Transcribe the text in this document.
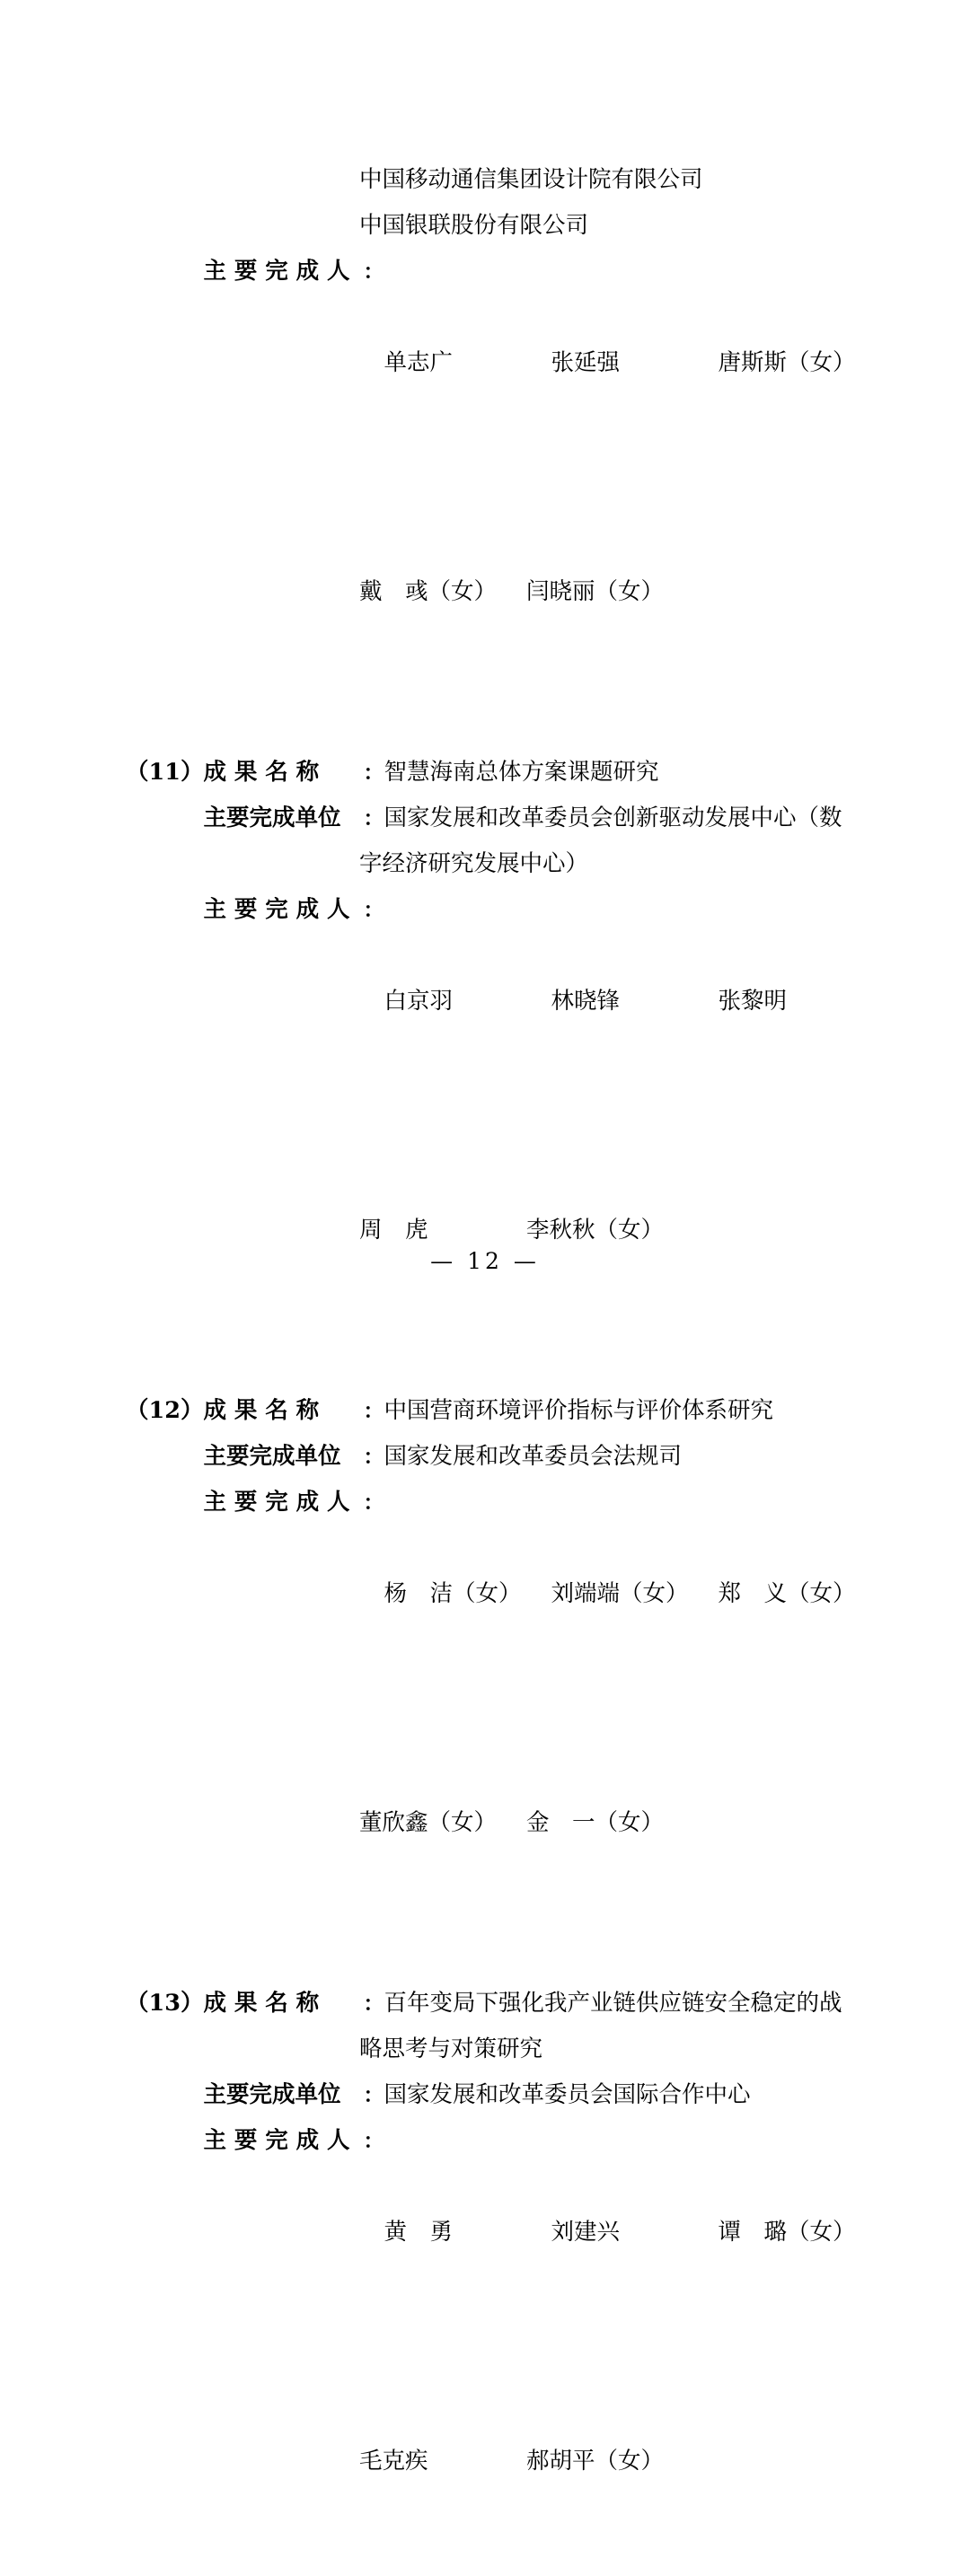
中国移动通信集团设计院有限公司
中国银联股份有限公司
主 要 完 成 人 ：

单志广	张延强	唐斯斯（女）

戴　彧（女）	闫晓丽（女）

（11） 成 果 名 称	： 智慧海南总体方案课题研究
主要完成单位	： 国家发展和改革委员会创新驱动发展中心（数
字经济研究发展中心）
主 要 完 成 人 ：

白京羽	林晓锋	张黎明

周　虎	李秋秋（女）

（12） 成 果 名 称	： 中国营商环境评价指标与评价体系研究
主要完成单位	： 国家发展和改革委员会法规司
主 要 完 成 人 ：

杨　洁（女）	刘端端（女）	郑　义（女）

董欣鑫（女）	金　一（女）

（13） 成 果 名 称	： 百年变局下强化我产业链供应链安全稳定的战
略思考与对策研究
主要完成单位	： 国家发展和改革委员会国际合作中心
主 要 完 成 人 ：

黄　勇	刘建兴	谭　璐（女）

毛克疾	郝胡平（女）

— 12 —
